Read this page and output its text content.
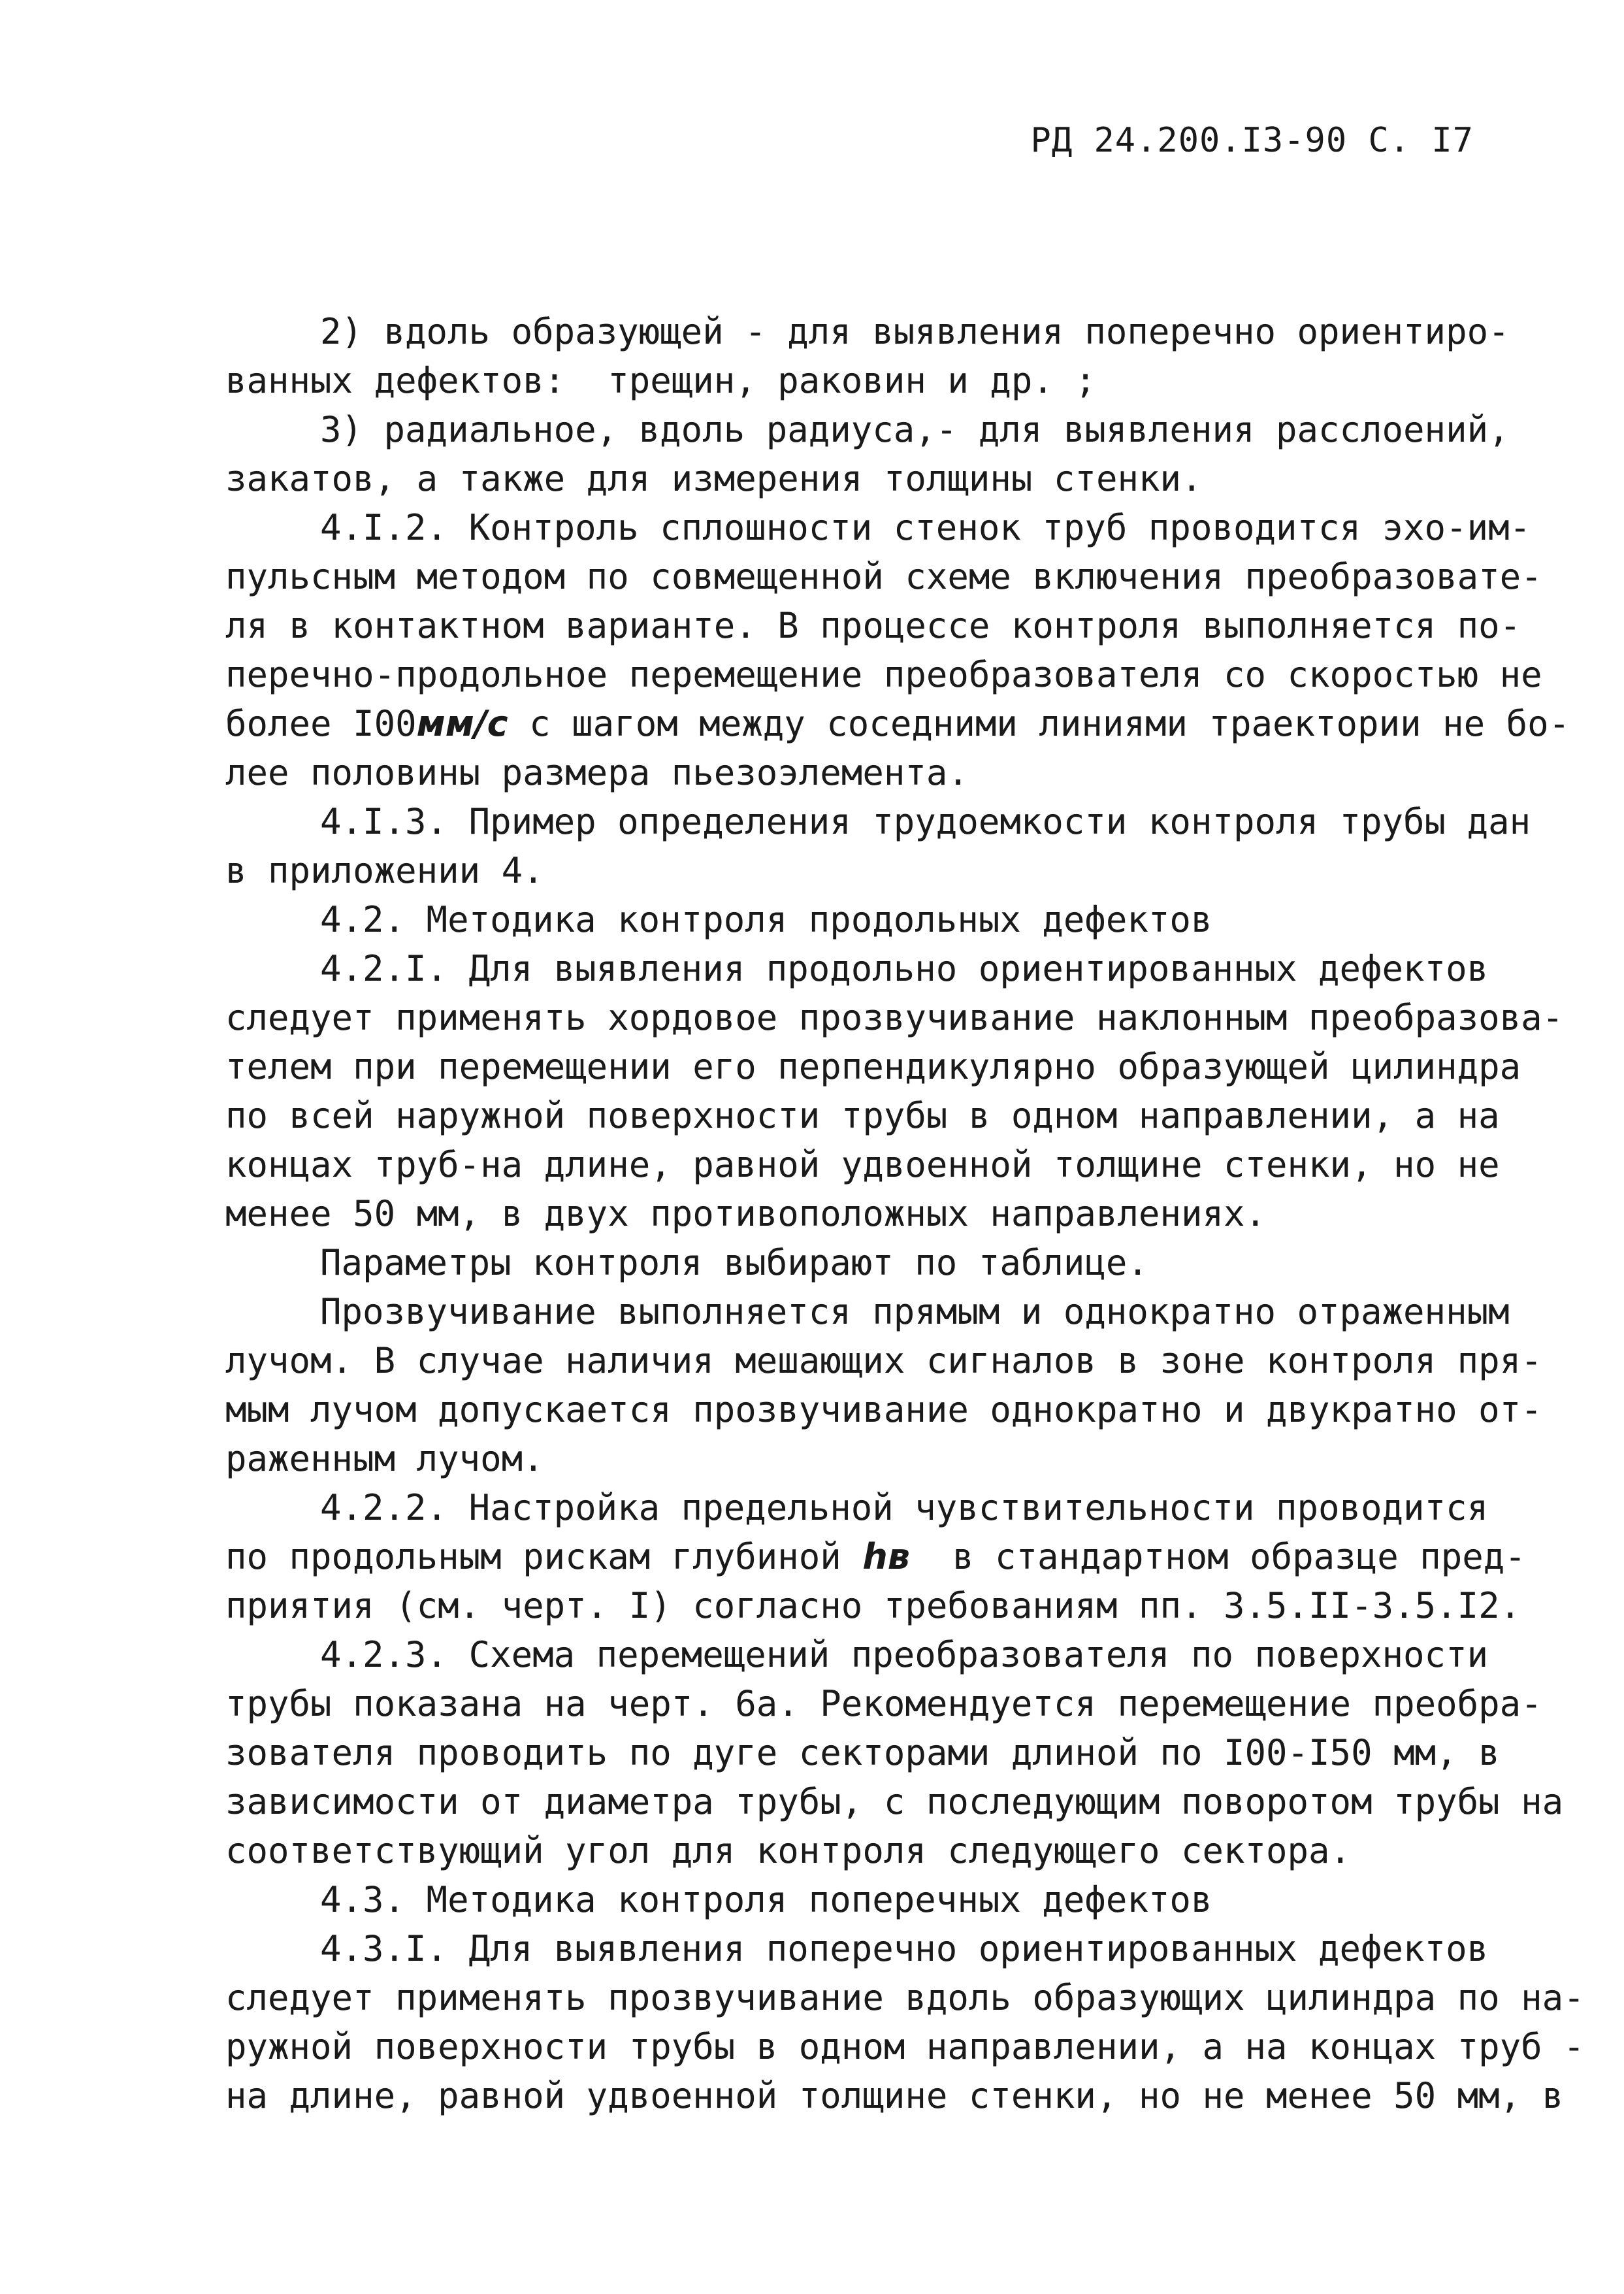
РД 24.200.I3-90 С. I7
2) вдоль образующей - для выявления поперечно ориентиро-
ванных дефектов:  трещин, раковин и др. ;
3) радиальное, вдоль радиуса,- для выявления расслоений,
закатов, а также для измерения толщины стенки.
4.I.2. Контроль сплошности стенок труб проводится эхо-им-
пульсным методом по совмещенной схеме включения преобразовате-
ля в контактном варианте. В процессе контроля выполняется по-
перечно-продольное перемещение преобразователя со скоростью не
более I00мм/с с шагом между соседними линиями траектории не бо-
лее половины размера пьезоэлемента.
4.I.3. Пример определения трудоемкости контроля трубы дан
в приложении 4.
4.2. Методика контроля продольных дефектов
4.2.I. Для выявления продольно ориентированных дефектов
следует применять хордовое прозвучивание наклонным преобразова-
телем при перемещении его перпендикулярно образующей цилиндра
по всей наружной поверхности трубы в одном направлении, а на
концах труб-на длине, равной удвоенной толщине стенки, но не
менее 50 мм, в двух противоположных направлениях.
Параметры контроля выбирают по таблице.
Прозвучивание выполняется прямым и однократно отраженным
лучом. В случае наличия мешающих сигналов в зоне контроля пря-
мым лучом допускается прозвучивание однократно и двукратно от-
раженным лучом.
4.2.2. Настройка предельной чувствительности проводится
по продольным рискам глубиной hв  в стандартном образце пред-
приятия (см. черт. I) согласно требованиям пп. 3.5.II-3.5.I2.
4.2.3. Схема перемещений преобразователя по поверхности
трубы показана на черт. 6а. Рекомендуется перемещение преобра-
зователя проводить по дуге секторами длиной по I00-I50 мм, в
зависимости от диаметра трубы, с последующим поворотом трубы на
соответствующий угол для контроля следующего сектора.
4.3. Методика контроля поперечных дефектов
4.3.I. Для выявления поперечно ориентированных дефектов
следует применять прозвучивание вдоль образующих цилиндра по на-
ружной поверхности трубы в одном направлении, а на концах труб -
на длине, равной удвоенной толщине стенки, но не менее 50 мм, в
